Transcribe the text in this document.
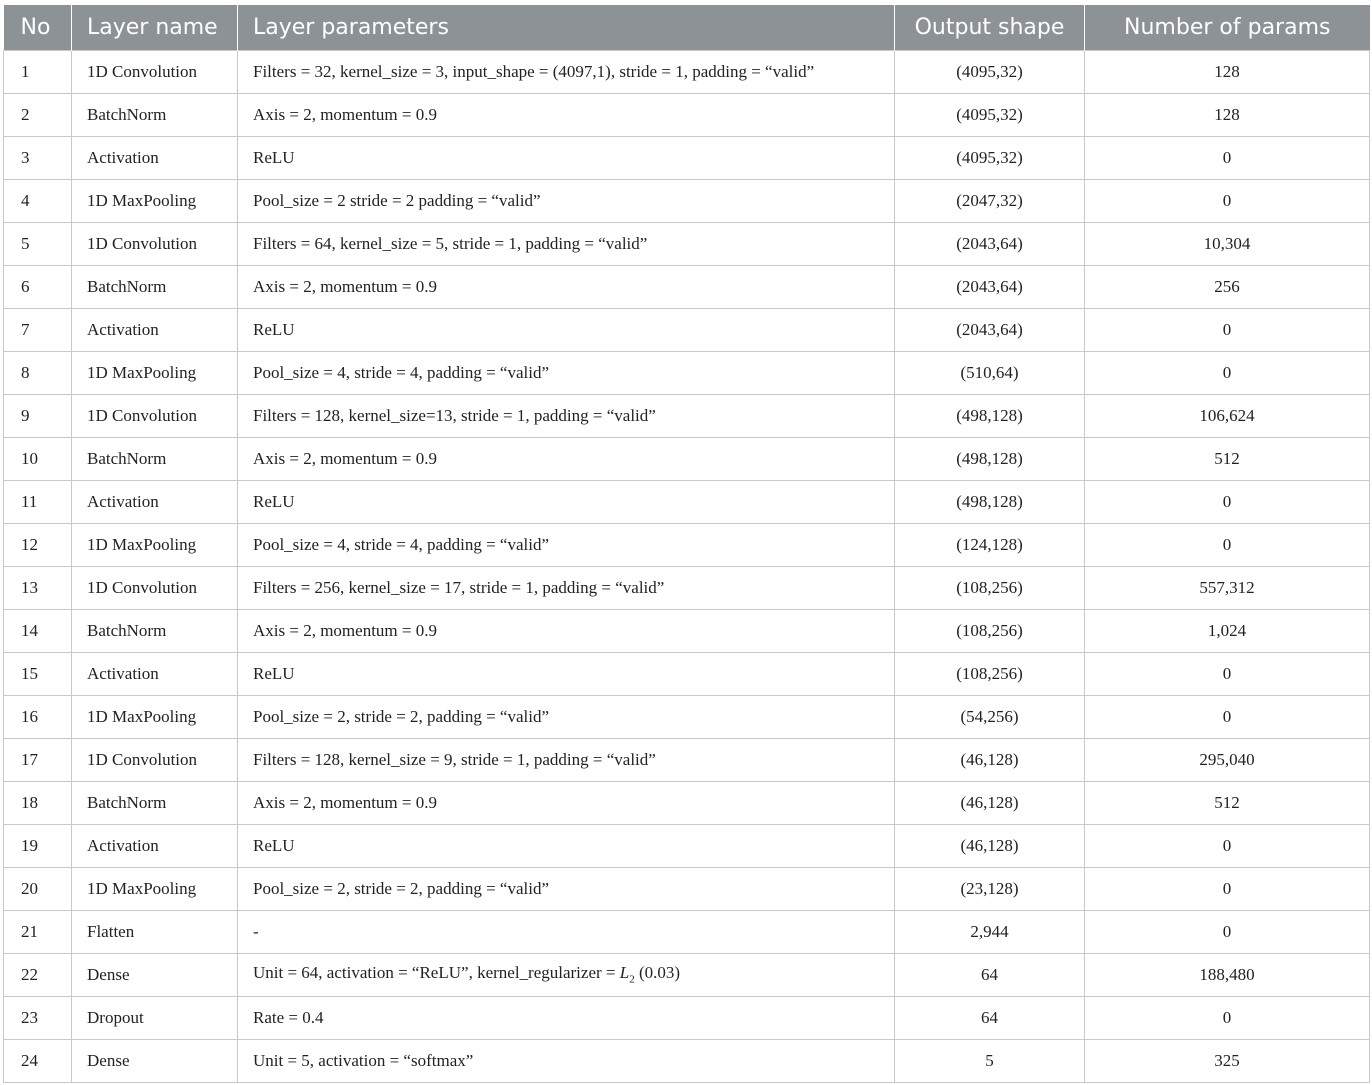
No	Layer name	Layer parameters	Output shape	Number of params
1	1D Convolution	Filters = 32, kernel_size = 3, input_shape = (4097,1), stride = 1, padding = “valid”	(4095,32)	128
2	BatchNorm	Axis = 2, momentum = 0.9	(4095,32)	128
3	Activation	ReLU	(4095,32)	0
4	1D MaxPooling	Pool_size = 2 stride = 2 padding = “valid”	(2047,32)	0
5	1D Convolution	Filters = 64, kernel_size = 5, stride = 1, padding = “valid”	(2043,64)	10,304
6	BatchNorm	Axis = 2, momentum = 0.9	(2043,64)	256
7	Activation	ReLU	(2043,64)	0
8	1D MaxPooling	Pool_size = 4, stride = 4, padding = “valid”	(510,64)	0
9	1D Convolution	Filters = 128, kernel_size=13, stride = 1, padding = “valid”	(498,128)	106,624
10	BatchNorm	Axis = 2, momentum = 0.9	(498,128)	512
11	Activation	ReLU	(498,128)	0
12	1D MaxPooling	Pool_size = 4, stride = 4, padding = “valid”	(124,128)	0
13	1D Convolution	Filters = 256, kernel_size = 17, stride = 1, padding = “valid”	(108,256)	557,312
14	BatchNorm	Axis = 2, momentum = 0.9	(108,256)	1,024
15	Activation	ReLU	(108,256)	0
16	1D MaxPooling	Pool_size = 2, stride = 2, padding = “valid”	(54,256)	0
17	1D Convolution	Filters = 128, kernel_size = 9, stride = 1, padding = “valid”	(46,128)	295,040
18	BatchNorm	Axis = 2, momentum = 0.9	(46,128)	512
19	Activation	ReLU	(46,128)	0
20	1D MaxPooling	Pool_size = 2, stride = 2, padding = “valid”	(23,128)	0
21	Flatten	-	2,944	0
22	Dense	Unit = 64, activation = “ReLU”, kernel_regularizer = $L_2$ (0.03)	64	188,480
23	Dropout	Rate = 0.4	64	0
24	Dense	Unit = 5, activation = “softmax”	5	325
